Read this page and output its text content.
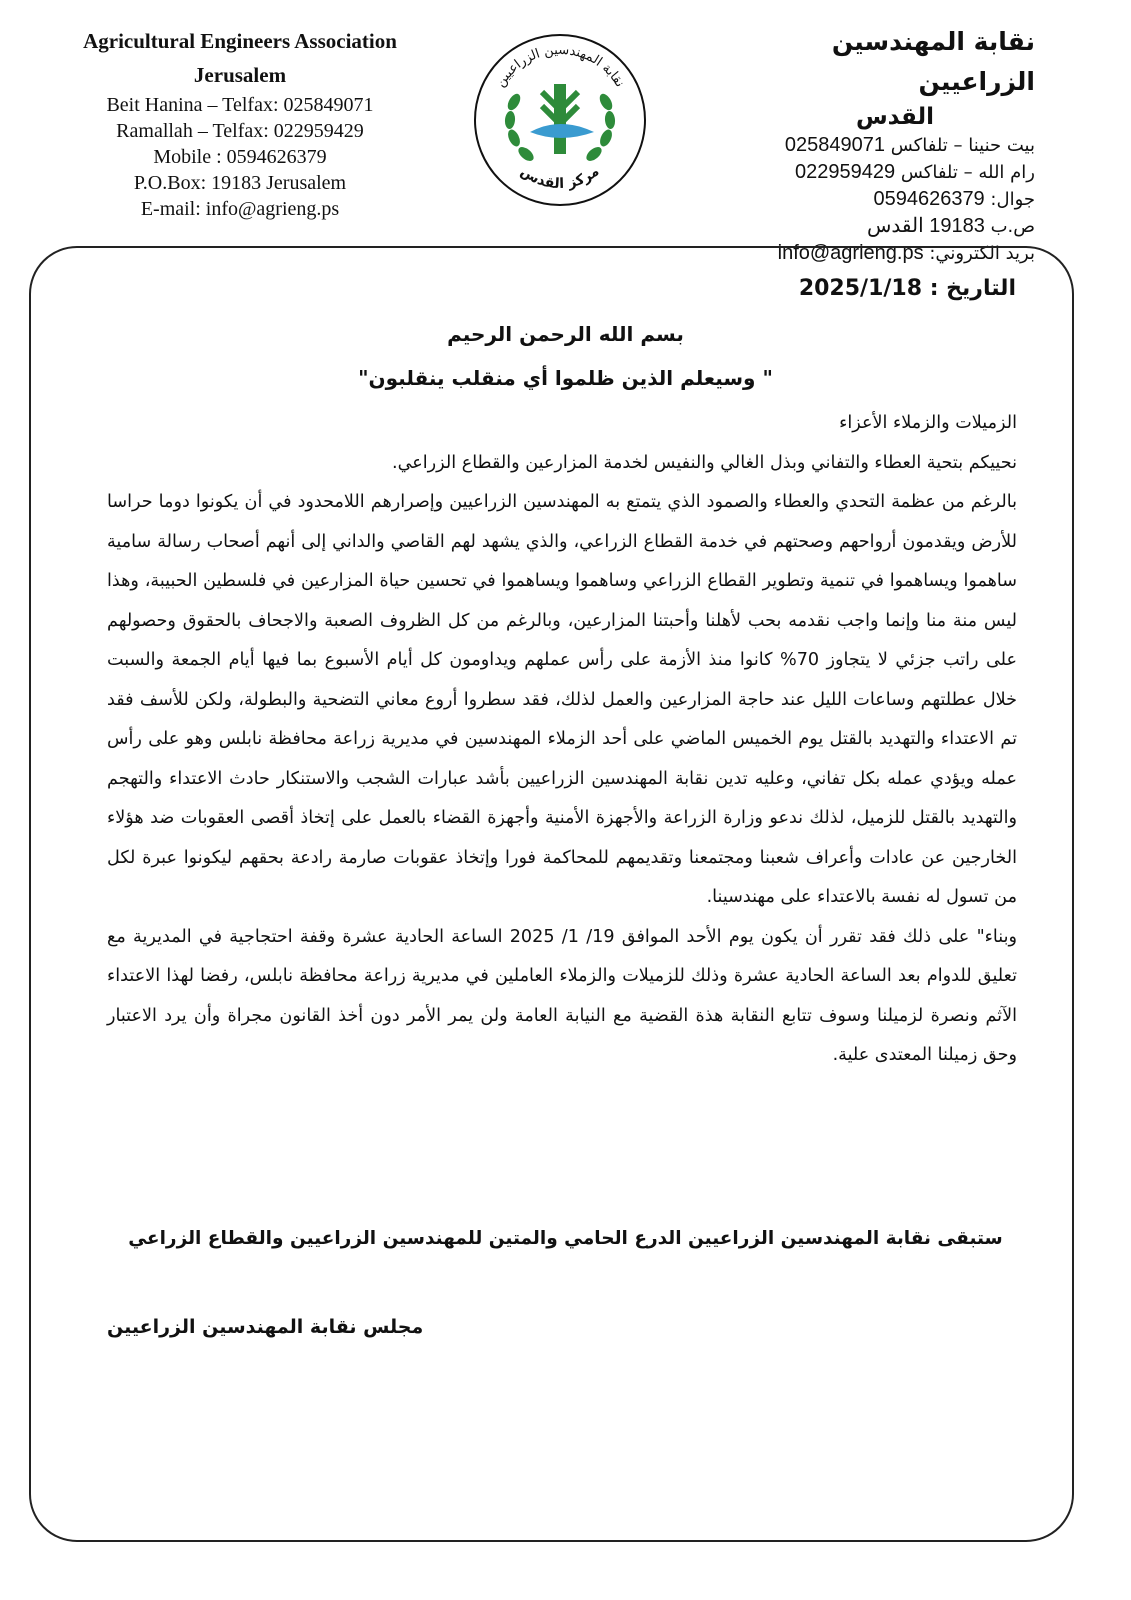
Agricultural Engineers Association
Jerusalem
Beit Hanina – Telfax: 025849071
Ramallah – Telfax: 022959429
Mobile : 0594626379
P.O.Box: 19183 Jerusalem
E-mail: info@agrieng.ps
نقابة المهندسين الزراعيين
مركز القدس
نقابة المهندسين الزراعيين
القدس
بيت حنينا – تلفاكس 025849071
رام الله – تلفاكس 022959429
جوال: 0594626379
ص.ب 19183 القدس
بريد الكتروني: info@agrieng.ps
التاريخ : 2025/1/18
بسم الله الرحمن الرحيم
" وسيعلم الذين ظلموا أي منقلب ينقلبون"

الزميلات والزملاء الأعزاء

نحييكم بتحية العطاء والتفاني وبذل الغالي والنفيس لخدمة المزارعين والقطاع الزراعي.

بالرغم من عظمة التحدي والعطاء والصمود الذي يتمتع به المهندسين الزراعيين وإصرارهم اللامحدود في أن يكونوا دوما حراسا للأرض ويقدمون أرواحهم وصحتهم في خدمة القطاع الزراعي، والذي يشهد لهم القاصي والداني إلى أنهم أصحاب رسالة سامية ساهموا ويساهموا في تنمية وتطوير القطاع الزراعي وساهموا ويساهموا في تحسين حياة المزارعين في فلسطين الحبيبة، وهذا ليس منة منا وإنما واجب نقدمه بحب لأهلنا وأحبتنا المزارعين، وبالرغم من كل الظروف الصعبة والاجحاف بالحقوق وحصولهم على راتب جزئي لا يتجاوز 70% كانوا منذ الأزمة على رأس عملهم ويداومون كل أيام الأسبوع بما فيها أيام الجمعة والسبت خلال عطلتهم وساعات الليل عند حاجة المزارعين والعمل لذلك، فقد سطروا أروع معاني التضحية والبطولة، ولكن للأسف فقد تم الاعتداء والتهديد بالقتل يوم الخميس الماضي على أحد الزملاء المهندسين في مديرية زراعة محافظة نابلس وهو على رأس عمله ويؤدي عمله بكل تفاني، وعليه تدين نقابة المهندسين الزراعيين بأشد عبارات الشجب والاستنكار حادث الاعتداء والتهجم والتهديد بالقتل للزميل، لذلك ندعو وزارة الزراعة والأجهزة الأمنية وأجهزة القضاء بالعمل على إتخاذ أقصى العقوبات ضد هؤلاء الخارجين عن عادات وأعراف شعبنا ومجتمعنا وتقديمهم للمحاكمة فورا وإتخاذ عقوبات صارمة رادعة بحقهم ليكونوا عبرة لكل من تسول له نفسة بالاعتداء على مهندسينا.

وبناء" على ذلك فقد تقرر أن يكون يوم الأحد الموافق 19/ 1/ 2025 الساعة الحادية عشرة وقفة احتجاجية في المديرية مع تعليق للدوام بعد الساعة الحادية عشرة وذلك للزميلات والزملاء العاملين في مديرية زراعة محافظة نابلس، رفضا لهذا الاعتداء الآثم ونصرة لزميلنا وسوف تتابع النقابة هذة القضية مع النيابة العامة ولن يمر الأمر دون أخذ القانون مجراة وأن يرد الاعتبار وحق زميلنا المعتدى علية.

ستبقى نقابة المهندسين الزراعيين الدرع الحامي والمتين للمهندسين الزراعيين والقطاع الزراعي
مجلس نقابة المهندسين الزراعيين
